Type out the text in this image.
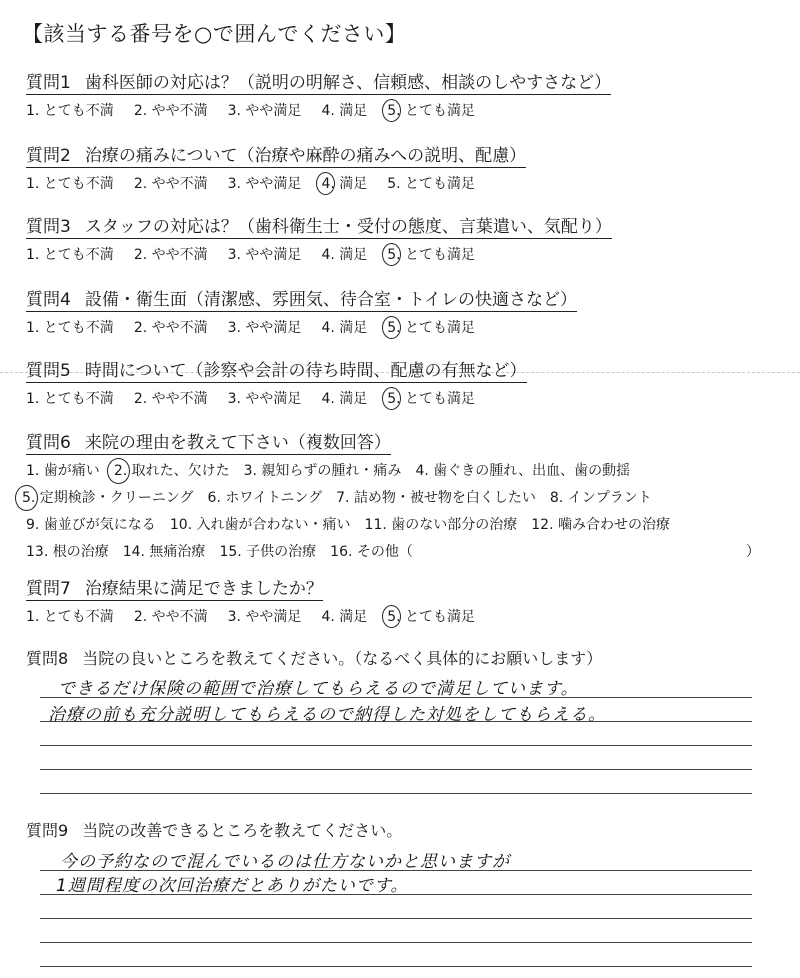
【該当する番号を○で囲んでください】
質問1 歯科医師の対応は？（説明の明解さ、信頼感、相談のしやすさなど）
1. とても不満 2. やや不満 3. やや満足 4. 満足 5. とても満足
質問2 治療の痛みについて（治療や麻酔の痛みへの説明、配慮）
1. とても不満 2. やや不満 3. やや満足 4. 満足 5. とても満足
質問3 スタッフの対応は？（歯科衛生士・受付の態度、言葉遣い、気配り）
1. とても不満 2. やや不満 3. やや満足 4. 満足 5. とても満足
質問4 設備・衛生面（清潔感、雰囲気、待合室・トイレの快適さなど）
1. とても不満 2. やや不満 3. やや満足 4. 満足 5. とても満足
質問5 時間について（診察や会計の待ち時間、配慮の有無など）
1. とても不満 2. やや不満 3. やや満足 4. 満足 5. とても満足
質問6 来院の理由を教えて下さい（複数回答）
1. 歯が痛い 2. 取れた、欠けた 3. 親知らずの腫れ・痛み 4. 歯ぐきの腫れ、出血、歯の動揺
5. 定期検診・クリーニング 6. ホワイトニング 7. 詰め物・被せ物を白くしたい 8. インプラント
9. 歯並びが気になる 10. 入れ歯が合わない・痛い 11. 歯のない部分の治療 12. 噛み合わせの治療
13. 根の治療 14. 無痛治療 15. 子供の治療 16. その他（	）
質問7 治療結果に満足できましたか？
1. とても不満 2. やや不満 3. やや満足 4. 満足 5. とても満足
質問8 当院の良いところを教えてください。（なるべく具体的にお願いします）
できるだけ保険の範囲で治療してもらえるので満足しています。
治療の前も充分説明してもらえるので納得した対処をしてもらえる。
質問9 当院の改善できるところを教えてください。
今の予約なので混んでいるのは仕方ないかと思いますが
1週間程度の次回治療だとありがたいです。
